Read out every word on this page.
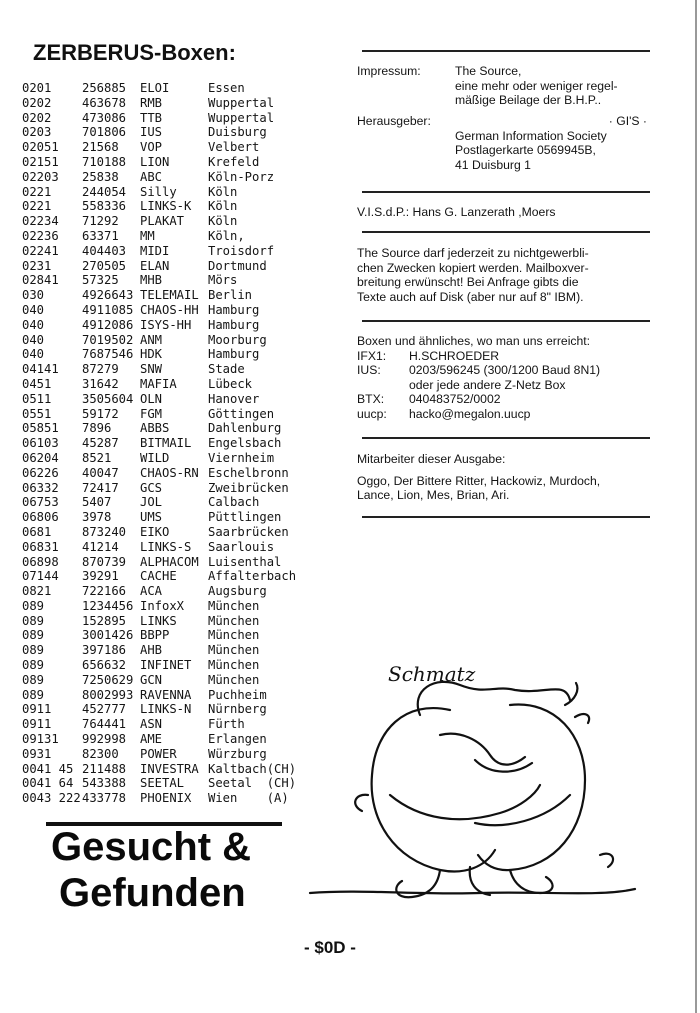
ZERBERUS-Boxen:
0201	256885 ELOI	Essen
0202	463678 RMB	Wuppertal
0202	473086 TTB	Wuppertal
0203	701806 IUS	Duisburg
02051 21568 VOP	Velbert
02151 710188 LION	Krefeld
02203 25838 ABC	Köln-Porz
0221	244054 Silly	Köln
0221	558336 LINKS-K Köln
02234 71292 PLAKAT Köln
02236 63371 MM	Köln,
02241 404403 MIDI	Troisdorf
0231	270505 ELAN	Dortmund
02841 57325 MHB	Mörs
030	4926643 TELEMAIL Berlin
040	4911085 CHAOS-HH Hamburg
040	4912086 ISYS-HH Hamburg
040	7019502 ANM	Moorburg
040	7687546 HDK	Hamburg
04141 87279 SNW	Stade
0451	31642 MAFIA	Lübeck
0511	3505604 OLN	Hanover
0551	59172 FGM	Göttingen
05851 7896 ABBS	Dahlenburg
06103 45287 BITMAIL Engelsbach
06204 8521 WILD	Viernheim
06226 40047 CHAOS-RN Eschelbronn
06332 72417 GCS	Zweibrücken
06753 5407 JOL	Calbach
06806 3978 UMS	Püttlingen
0681	873240 EIKO	Saarbrücken
06831 41214 LINKS-S Saarlouis
06898 870739 ALPHACOM Luisenthal
07144 39291 CACHE	Affalterbach
0821	722166 ACA	Augsburg
089	1234456 InfoxX München
089	152895 LINKS	München
089	3001426 BBPP	München
089	397186 AHB	München
089	656632 INFINET München
089	7250629 GCN	München
089	8002993 RAVENNA Puchheim
0911	452777 LINKS-N Nürnberg
0911	764441 ASN	Fürth
09131 992998 AME	Erlangen
0931	82300 POWER	Würzburg
0041 45 211488 INVESTRA Kaltbach(CH)
0041 64 543388 SEETAL Seetal  (CH)
0043 222 433778 PHOENIX Wien    (A)
Gesucht &
Gefunden
Impressum:	The Source,
eine mehr oder weniger regel-
mäßige Beilage der B.H.P..
Herausgeber:	· GI'S ·
German Information Society
Postlagerkarte 0569945B,
41 Duisburg 1
V.I.S.d.P.: Hans G. Lanzerath ,Moers
The Source darf jederzeit zu nichtgewerbli-
chen Zwecken kopiert werden. Mailboxver-
breitung erwünscht! Bei Anfrage gibts die
Texte auch auf Disk (aber nur auf 8" IBM).
Boxen und ähnliches, wo man uns erreicht:
IFX1: H.SCHROEDER
IUS: 0203/596245 (300/1200 Baud 8N1)
oder jede andere Z-Netz Box
BTX: 040483752/0002
uucp: hacko@megalon.uucp
Mitarbeiter dieser Ausgabe:
Oggo, Der Bittere Ritter, Hackowiz, Murdoch,
Lance, Lion, Mes, Brian, Ari.
Schmatz
- $0D -
